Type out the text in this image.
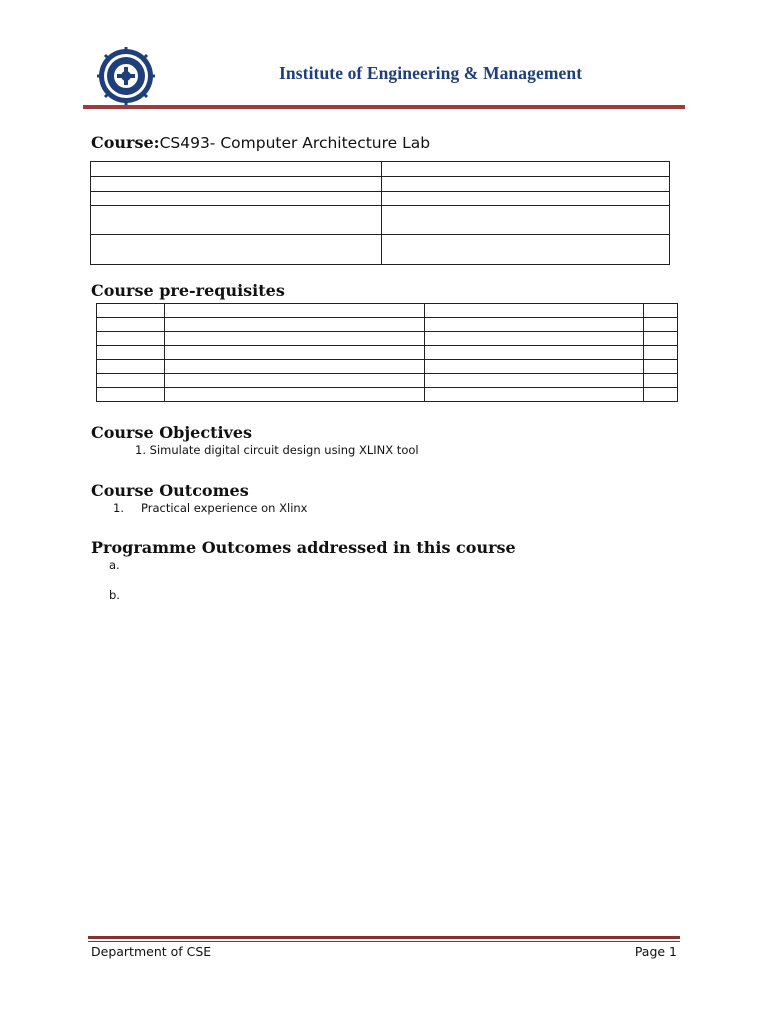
Institute of Engineering & Management
Course:CS493- Computer Architecture Lab

Course pre-requisites

Course Objectives
1. Simulate digital circuit design using XLINX tool
Course Outcomes
1. Practical experience on Xlinx
Programme Outcomes addressed in this course
a.
b.
Department of CSE	Page 1
